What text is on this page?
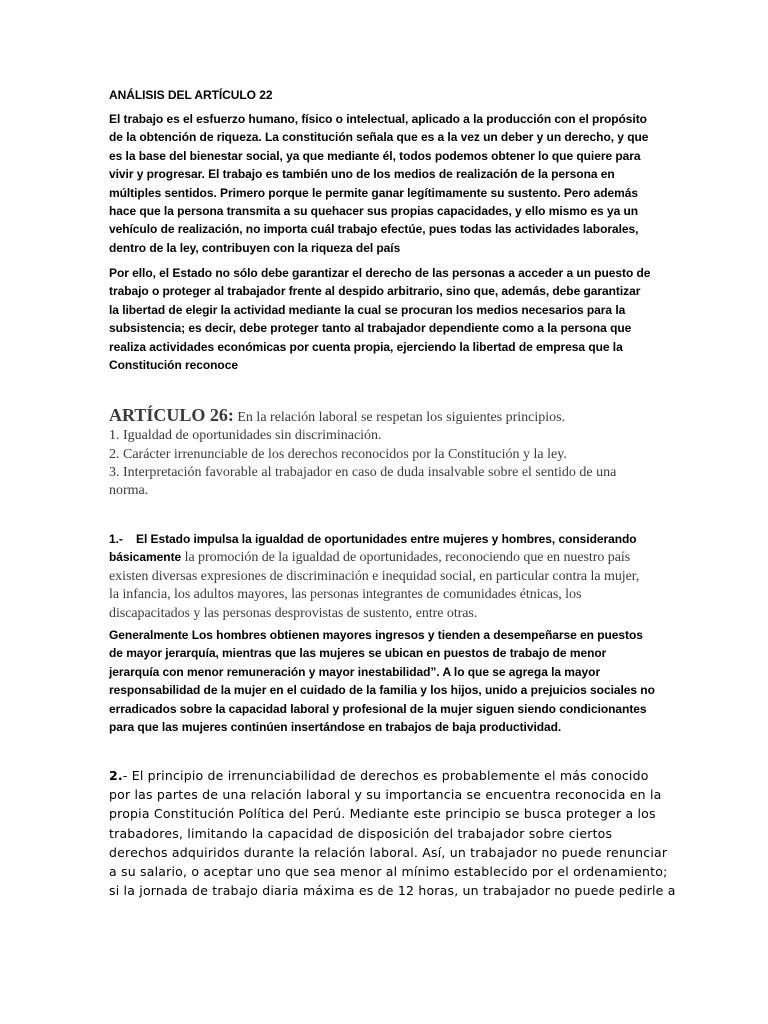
ANÁLISIS DEL ARTÍCULO 22

El trabajo es el esfuerzo humano, físico o intelectual, aplicado a la producción con el propósito
de la obtención de riqueza. La constitución señala que es a la vez un deber y un derecho, y que
es la base del bienestar social, ya que mediante él, todos podemos obtener lo que quiere para
vivir y progresar. El trabajo es también uno de los medios de realización de la persona en
múltiples sentidos. Primero porque le permite ganar legítimamente su sustento. Pero además
hace que la persona transmita a su quehacer sus propias capacidades, y ello mismo es ya un
vehículo de realización, no importa cuál trabajo efectúe, pues todas las actividades laborales,
dentro de la ley, contribuyen con la riqueza del país

Por ello, el Estado no sólo debe garantizar el derecho de las personas a acceder a un puesto de
trabajo o proteger al trabajador frente al despido arbitrario, sino que, además, debe garantizar
la libertad de elegir la actividad mediante la cual se procuran los medios necesarios para la
subsistencia; es decir, debe proteger tanto al trabajador dependiente como a la persona que
realiza actividades económicas por cuenta propia, ejerciendo la libertad de empresa que la
Constitución reconoce

ARTÍCULO 26: En la relación laboral se respetan los siguientes principios.
1. Igualdad de oportunidades sin discriminación.
2. Carácter irrenunciable de los derechos reconocidos por la Constitución y la ley.
3. Interpretación favorable al trabajador en caso de duda insalvable sobre el sentido de una
norma.

1.-    El Estado impulsa la igualdad de oportunidades entre mujeres y hombres, considerando
básicamente la promoción de la igualdad de oportunidades, reconociendo que en nuestro país
existen diversas expresiones de discriminación e inequidad social, en particular contra la mujer,
la infancia, los adultos mayores, las personas integrantes de comunidades étnicas, los
discapacitados y las personas desprovistas de sustento, entre otras.

Generalmente Los hombres obtienen mayores ingresos y tienden a desempeñarse en puestos
de mayor jerarquía, mientras que las mujeres se ubican en puestos de trabajo de menor
jerarquía con menor remuneración y mayor inestabilidad”. A lo que se agrega la mayor
responsabilidad de la mujer en el cuidado de la familia y los hijos, unido a prejuicios sociales no
erradicados sobre la capacidad laboral y profesional de la mujer siguen siendo condicionantes
para que las mujeres continúen insertándose en trabajos de baja productividad.

2.- El principio de irrenunciabilidad de derechos es probablemente el más conocido
por las partes de una relación laboral y su importancia se encuentra reconocida en la
propia Constitución Política del Perú. Mediante este principio se busca proteger a los
trabadores, limitando la capacidad de disposición del trabajador sobre ciertos
derechos adquiridos durante la relación laboral. Así, un trabajador no puede renunciar
a su salario, o aceptar uno que sea menor al mínimo establecido por el ordenamiento;
si la jornada de trabajo diaria máxima es de 12 horas, un trabajador no puede pedirle a
